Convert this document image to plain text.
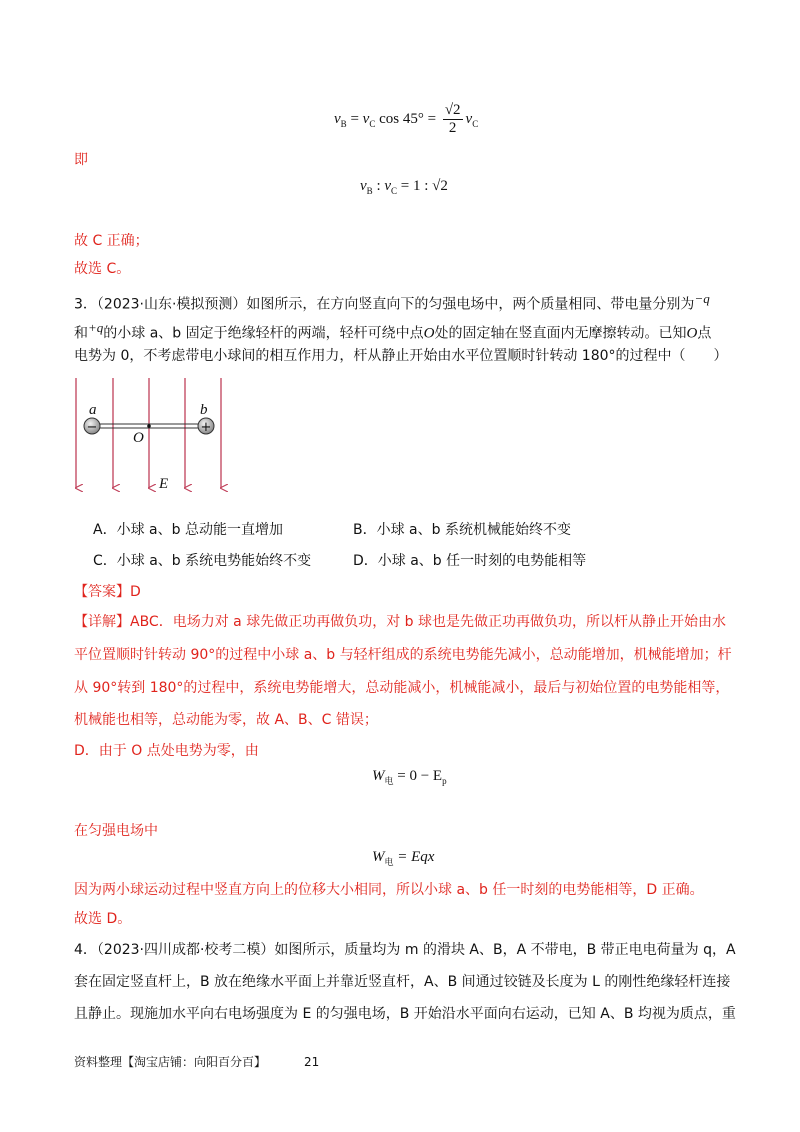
$v_B = v_C$ $\cos 45^\circ = \frac{√2}{2} v_C$
即
$v_B$ : $v_C = 1$ : √2
故 C 正确；
故选 C。
3．（2023·山东·模拟预测）如图所示，在方向竖直向下的匀强电场中，两个质量相同、带电量分别为$^{-q}$
和$^{+q}$的小球 a、b 固定于绝缘轻杆的两端，轻杆可绕中点O处的固定轴在竖直面内无摩擦转动。已知O点
电势为 0，不考虑带电小球间的相互作用力，杆从静止开始由水平位置顺时针转动 180°的过程中（　　）
−	+
a	b
O
E
A．小球 a、b 总动能一直增加	B．小球 a、b 系统机械能始终不变
C．小球 a、b 系统电势能始终不变	D．小球 a、b 任一时刻的电势能相等
【答案】D
【详解】ABC．电场力对 a 球先做正功再做负功，对 b 球也是先做正功再做负功，所以杆从静止开始由水
平位置顺时针转动 90°的过程中小球 a、b 与轻杆组成的系统电势能先减小，总动能增加，机械能增加；杆
从 90°转到 180°的过程中，系统电势能增大，总动能减小，机械能减小，最后与初始位置的电势能相等，
机械能也相等，总动能为零，故 A、B、C 错误；
D．由于 O 点处电势为零，由
$W_电 = 0 - E_p$
在匀强电场中
$W_电$ = Eqx
因为两小球运动过程中竖直方向上的位移大小相同，所以小球 a、b 任一时刻的电势能相等，D 正确。
故选 D。
4．（2023·四川成都·校考二模）如图所示，质量均为 m 的滑块 A、B，A 不带电，B 带正电电荷量为 q，A
套在固定竖直杆上，B 放在绝缘水平面上并靠近竖直杆，A、B 间通过铰链及长度为 L 的刚性绝缘轻杆连接
且静止。现施加水平向右电场强度为 E 的匀强电场，B 开始沿水平面向右运动，已知 A、B 均视为质点，重
资料整理【淘宝店铺：向阳百分百】	21
